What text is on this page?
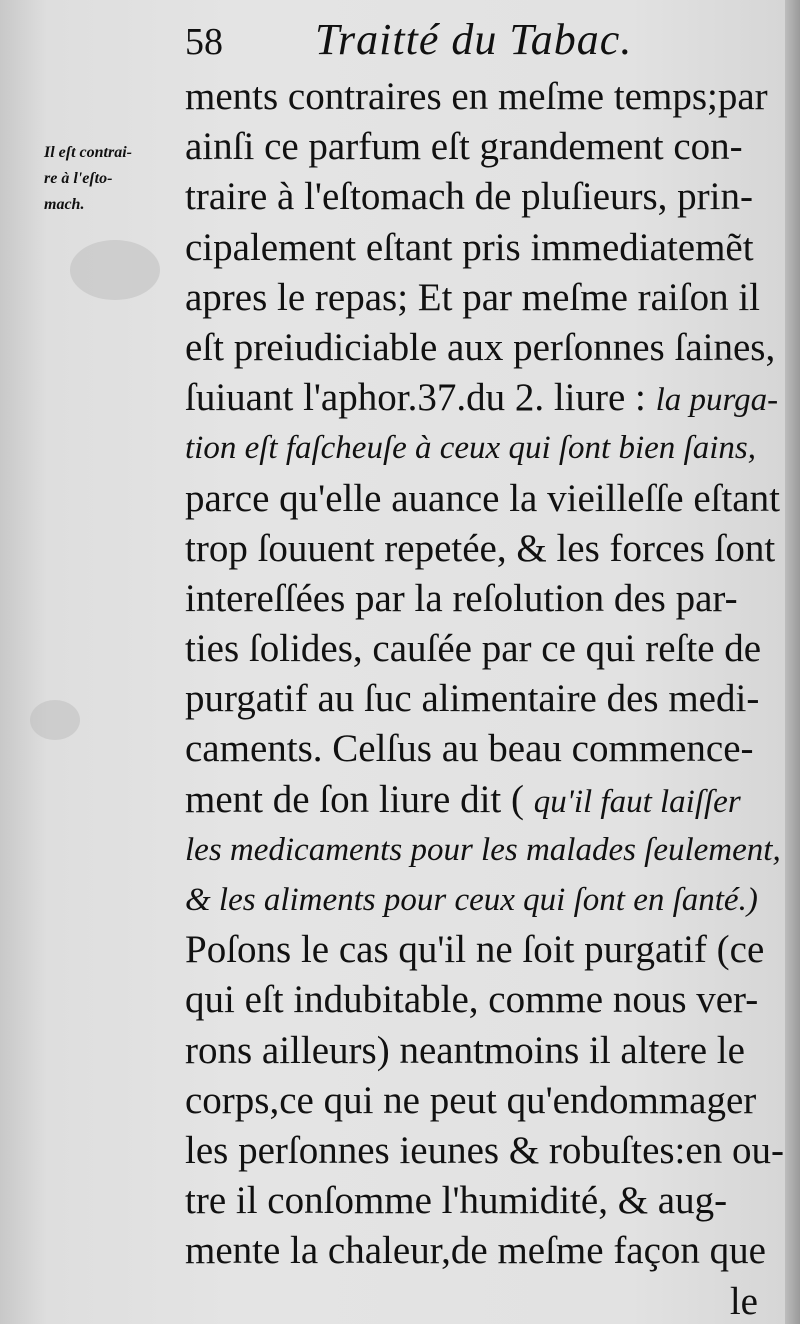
58 Traitté du Tabac.
Il eſt contrai-
re à l'eſto-
mach.
ments contraires en meſme temps;par
ainſi ce parfum eſt grandement con-
traire à l'eſtomach de pluſieurs, prin-
cipalement eſtant pris immediatemẽt
apres le repas; Et par meſme raiſon il
eſt preiudiciable aux perſonnes ſaines,
ſuiuant l'aphor.37.du 2. liure : la purga-
tion eſt faſcheuſe à ceux qui ſont bien ſains,
parce qu'elle auance la vieilleſſe eſtant
trop ſouuent repetée, & les forces ſont
intereſſées par la reſolution des par-
ties ſolides, cauſée par ce qui reſte de
purgatif au ſuc alimentaire des medi-
caments. Celſus au beau commence-
ment de ſon liure dit ( qu'il faut laiſſer
les medicaments pour les malades ſeulement,
& les aliments pour ceux qui ſont en ſanté.)
Poſons le cas qu'il ne ſoit purgatif (ce
qui eſt indubitable, comme nous ver-
rons ailleurs) neantmoins il altere le
corps,ce qui ne peut qu'endommager
les perſonnes ieunes & robuſtes:en ou-
tre il conſomme l'humidité, & aug-
mente la chaleur,de meſme façon que
le
